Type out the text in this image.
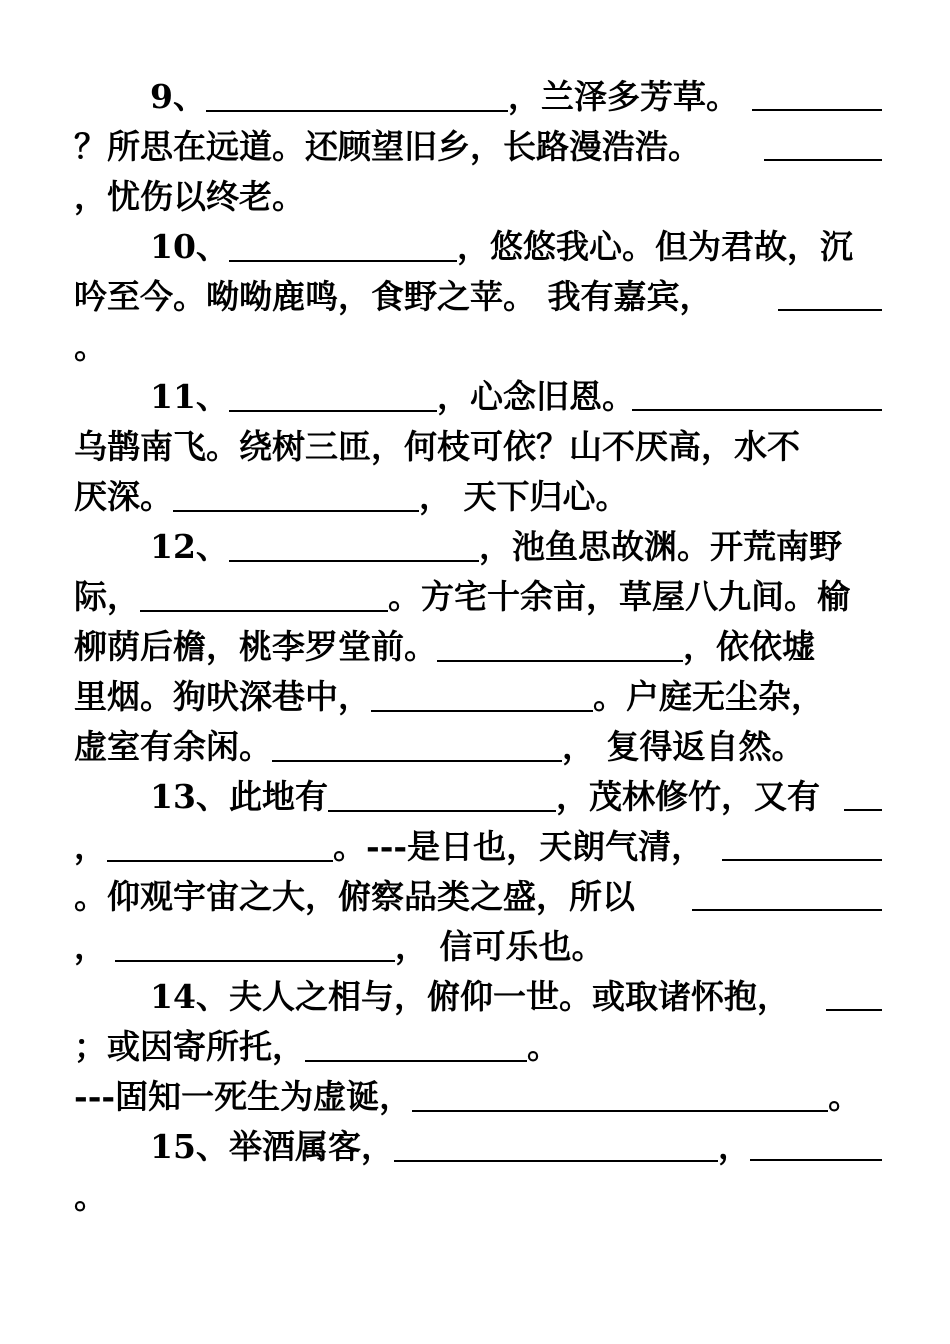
9、	，兰泽多芳草。
？所思在远道。还顾望旧乡，长路漫浩浩。
，忧伤以终老。
10、	，悠悠我心。但为君故，沉
吟至今。呦呦鹿鸣，食野之苹。 我有嘉宾，
。
11、	，心念旧恩。
乌鹊南飞。绕树三匝，何枝可依？山不厌高，水不
厌深。	， 天下归心。
12、	，池鱼思故渊。开荒南野
际，	。方宅十余亩，草屋八九间。榆
柳荫后檐，桃李罗堂前。	，依依墟
里烟。狗吠深巷中，	。户庭无尘杂，
虚室有余闲。	， 复得返自然。
13、此地有	，茂林修竹，又有
，	。---是日也，天朗气清，
。仰观宇宙之大，俯察品类之盛，所以
，	， 信可乐也。
14、夫人之相与，俯仰一世。或取诸怀抱，
；或因寄所托，	。
---固知一死生为虚诞，	。
15、举酒属客，	，
。
